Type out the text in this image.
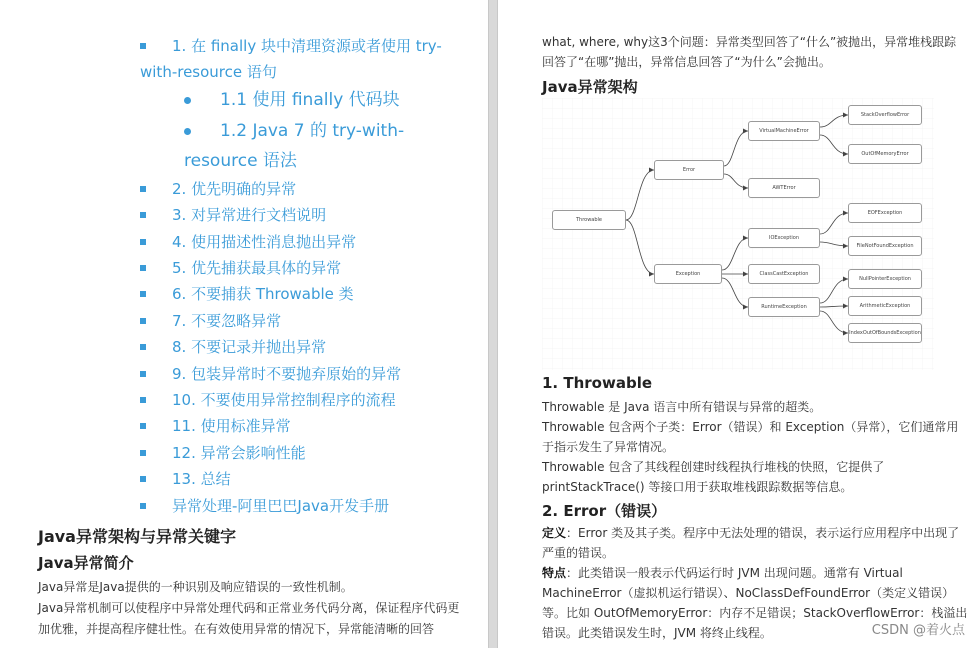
1. 在 finally 块中清理资源或者使用 try-
with-resource 语句
1.1 使用 finally 代码块
1.2 Java 7 的 try-with-
resource 语法
2. 优先明确的异常
3. 对异常进行文档说明
4. 使用描述性消息抛出异常
5. 优先捕获最具体的异常
6. 不要捕获 Throwable 类
7. 不要忽略异常
8. 不要记录并抛出异常
9. 包装异常时不要抛弃原始的异常
10. 不要使用异常控制程序的流程
11. 使用标准异常
12. 异常会影响性能
13. 总结
异常处理-阿里巴巴Java开发手册
Java异常架构与异常关键字
Java异常简介
Java异常是Java提供的一种识别及响应错误的一致性机制。
Java异常机制可以使程序中异常处理代码和正常业务代码分离，保证程序代码更
加优雅，并提高程序健壮性。在有效使用异常的情况下，异常能清晰的回答
what, where, why这3个问题：异常类型回答了“什么”被抛出，异常堆栈跟踪
回答了“在哪”抛出，异常信息回答了“为什么”会抛出。
Java异常架构
Throwable
Error
Exception
VirtualMachineError
AWTError
StackOverflowError
OutOfMemoryError
IOException
ClassCastException
RuntimeException
EOFException
FileNotFoundException
NullPointerException
ArithmeticException
IndexOutOfBoundsException
1. Throwable
Throwable 是 Java 语言中所有错误与异常的超类。
Throwable 包含两个子类：Error（错误）和 Exception（异常），它们通常用
于指示发生了异常情况。
Throwable 包含了其线程创建时线程执行堆栈的快照，它提供了
printStackTrace() 等接口用于获取堆栈跟踪数据等信息。
2. Error（错误）
定义：Error 类及其子类。程序中无法处理的错误，表示运行应用程序中出现了
严重的错误。
特点：此类错误一般表示代码运行时 JVM 出现问题。通常有 Virtual
MachineError（虚拟机运行错误）、NoClassDefFoundError（类定义错误）
等。比如 OutOfMemoryError：内存不足错误；StackOverflowError：栈溢出
错误。此类错误发生时，JVM 将终止线程。	CSDN @着火点
